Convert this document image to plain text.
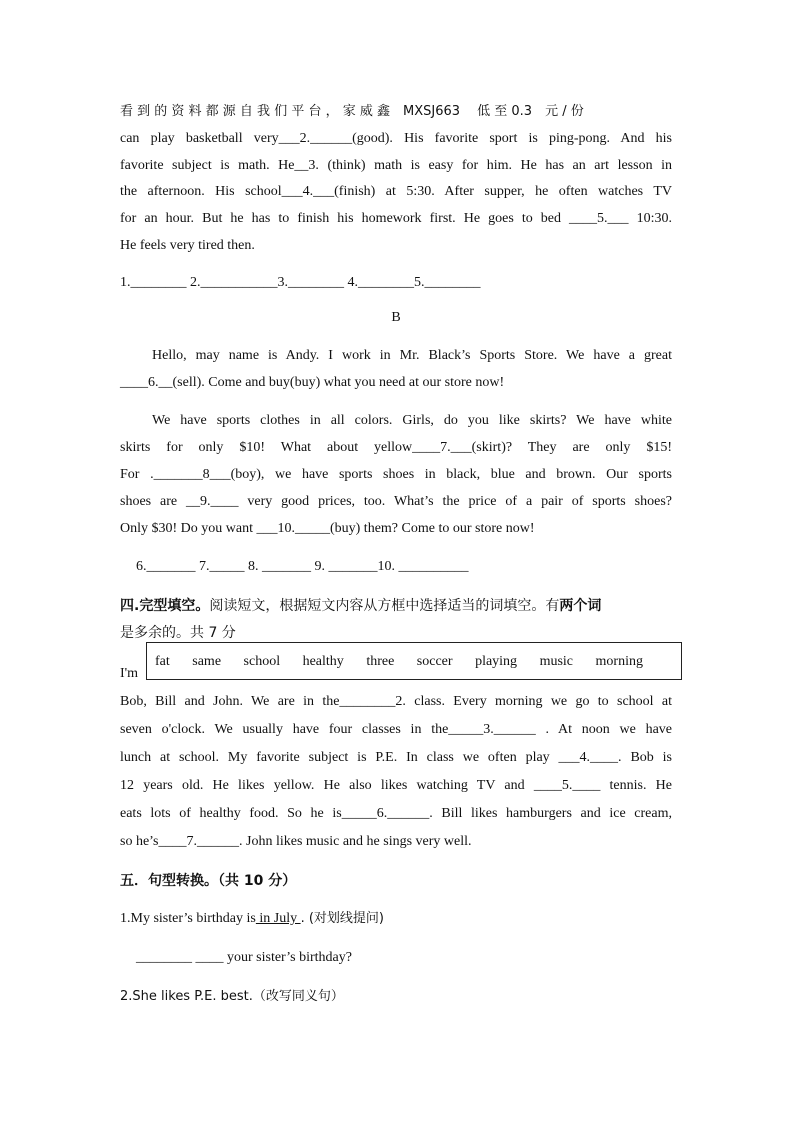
看 到 的 资 料 都 源 自 我 们 平 台 ， 家 威 鑫　MXSJ663　 低 至 0.3　元 / 份
can play basketball very___2.______(good). His favorite sport is ping-pong. And his
favorite subject is math. He__3. (think) math is easy for him. He has an art lesson in
the afternoon. His school___4.___(finish) at 5:30. After supper, he often watches TV
for an hour. But he has to finish his homework first. He goes to bed ____5.___ 10:30.
He feels very tired then.
1.________ 2.___________3.________ 4.________5.________
B
Hello, may name is Andy. I work in Mr. Black’s Sports Store. We have a great
____6.__(sell). Come and buy(buy) what you need at our store now!
We have sports clothes in all colors. Girls, do you like skirts? We have white
skirts for only $10! What about yellow____7.___(skirt)? They are only $15!
For ._______8___(boy), we have sports shoes in black, blue and brown. Our sports
shoes are __9.____ very good prices, too. What’s the price of a pair of sports shoes?
Only $30! Do you want ___10._____(buy) them? Come to our store now!
6._______ 7._____ 8. _______ 9. _______10. __________
四.完型填空。阅读短文，根据短文内容从方框中选择适当的词填空。有两个词
是多余的。共 7 分
I'm
fat same school healthy three soccer playing music morning
Bob, Bill and John. We are in the________2. class. Every morning we go to school at
seven o'clock. We usually have four classes in the_____3.______ . At noon we have
lunch at school. My favorite subject is P.E. In class we often play ___4.____. Bob is
12 years old. He likes yellow. He also likes watching TV and ____5.____ tennis. He
eats lots of healthy food. So he is_____6.______. Bill likes hamburgers and ice cream,
so he’s____7.______. John likes music and he sings very well.
五．句型转换。（共 10 分）
1.My sister’s birthday is in July . (对划线提问)
________ ____ your sister’s birthday?
2.She likes P.E. best.（改写同义句）
